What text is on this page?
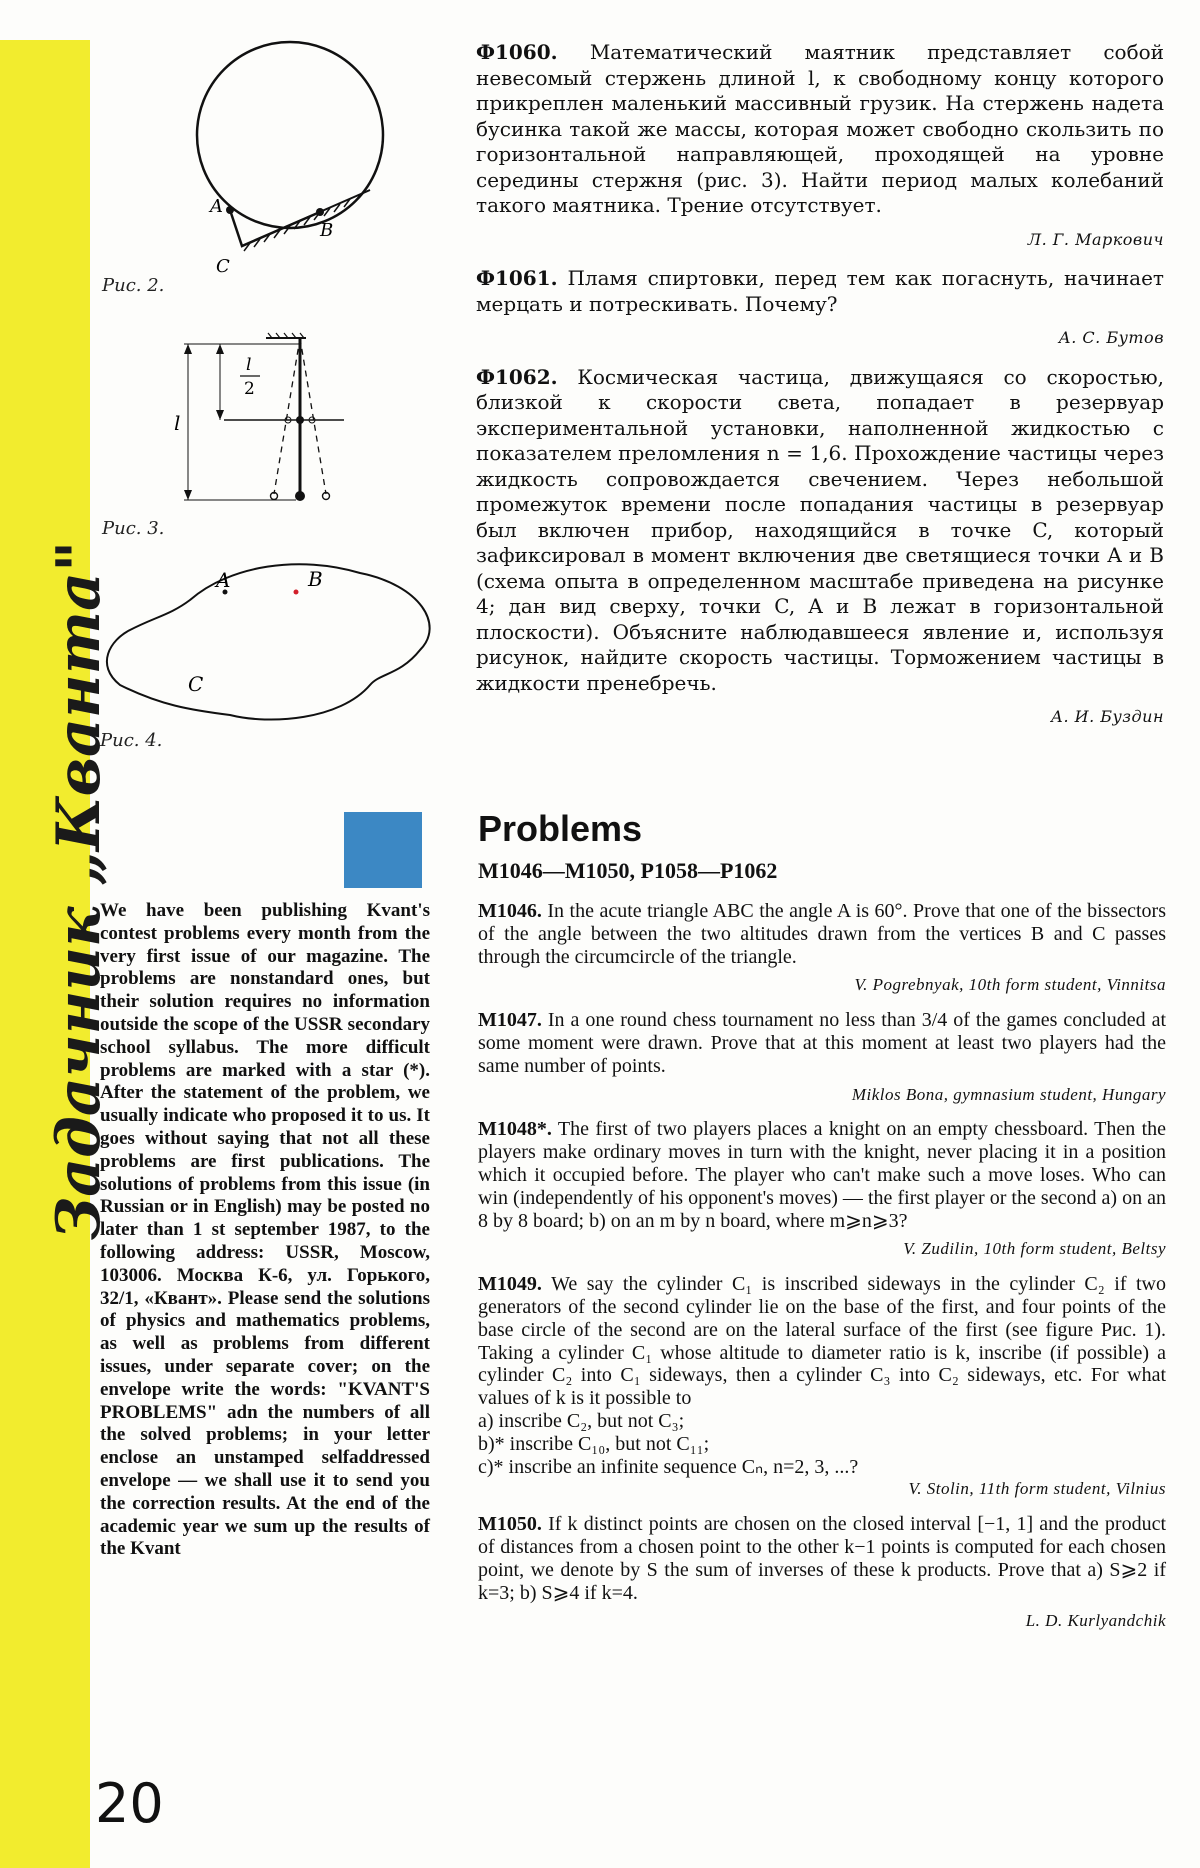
Задачник „Кванта"
A
B
C
Рис. 2.
l
l
2
Рис. 3.
A	B
C
Рис. 4.

Ф1060. Математический маятник представляет собой невесомый стержень длиной l, к свободному концу которого прикреплен маленький массивный грузик. На стержень надета бусинка такой же массы, которая может свободно скользить по горизонтальной направляющей, проходящей на уровне середины стержня (рис. 3). Найти период малых колебаний такого маятника. Трение отсутствует.

Л. Г. Маркович

Ф1061. Пламя спиртовки, перед тем как погаснуть, начинает мерцать и потрескивать. Почему?

А. С. Бутов

Ф1062. Космическая частица, движущаяся со скоростью, близкой к скорости света, попадает в резервуар экспериментальной установки, наполненной жидкостью с показателем преломления n = 1,6. Прохождение частицы через жидкость сопровождается свечением. Через небольшой промежуток времени после попадания частицы в резервуар был включен прибор, находящийся в точке C, который зафиксировал в момент включения две светящиеся точки A и B (схема опыта в определенном масштабе приведена на рисунке 4; дан вид сверху, точки C, A и B лежат в горизонтальной плоскости). Объясните наблюдавшееся явление и, используя рисунок, найдите скорость частицы. Торможением частицы в жидкости пренебречь.

А. И. Буздин
We have been publishing Kvant's contest problems every month from the very first issue of our magazine. The problems are nonstandard ones, but their solution requires no information outside the scope of the USSR secondary school syllabus. The more difficult problems are marked with a star (*). After the statement of the problem, we usually indicate who proposed it to us. It goes without saying that not all these problems are first publications. The solutions of problems from this issue (in Russian or in English) may be posted no later than 1 st september 1987, to the following address: USSR, Moscow, 103006. Москва К-6, ул. Горького, 32/1, «Квант». Please send the solutions of physics and mathematics problems, as well as problems from different issues, under separate cover; on the envelope write the words: "KVANT'S PROBLEMS" adn the numbers of all the solved problems; in your letter enclose an unstamped selfaddressed envelope — we shall use it to send you the correction results. At the end of the academic year we sum up the results of the Kvant
Problems
M1046—M1050, P1058—P1062

M1046. In the acute triangle ABC the angle A is 60°. Prove that one of the bissectors of the angle between the two altitudes drawn from the vertices B and C passes through the circumcircle of the triangle.

V. Pogrebnyak, 10th form student, Vinnitsa

M1047. In a one round chess tournament no less than 3/4 of the games concluded at some moment were drawn. Prove that at this moment at least two players had the same number of points.

Miklos Bona, gymnasium student, Hungary

M1048*. The first of two players places a knight on an empty chessboard. Then the players make ordinary moves in turn with the knight, never placing it in a position which it occupied before. The player who can't make such a move loses. Who can win (independently of his opponent's moves) — the first player or the second a) on an 8 by 8 board; b) on an m by n board, where m⩾n⩾3?

V. Zudilin, 10th form student, Beltsy

M1049. We say the cylinder C₁ is inscribed sideways in the cylinder C₂ if two generators of the second cylinder lie on the base of the first, and four points of the base circle of the second are on the lateral surface of the first (see figure Рис. 1). Taking a cylinder C₁ whose altitude to diameter ratio is k, inscribe (if possible) a cylinder C₂ into C₁ sideways, then a cylinder C₃ into C₂ sideways, etc. For what values of k is it possible to

a) inscribe C₂, but not C₃;
b)* inscribe C₁₀, but not C₁₁;
c)* inscribe an infinite sequence Cₙ, n=2, 3, ...?
V. Stolin, 11th form student, Vilnius

M1050. If k distinct points are chosen on the closed interval [−1, 1] and the product of distances from a chosen point to the other k−1 points is computed for each chosen point, we denote by S the sum of inverses of these k products. Prove that a) S⩾2 if k=3; b) S⩾4 if k=4.

L. D. Kurlyandchik
20
